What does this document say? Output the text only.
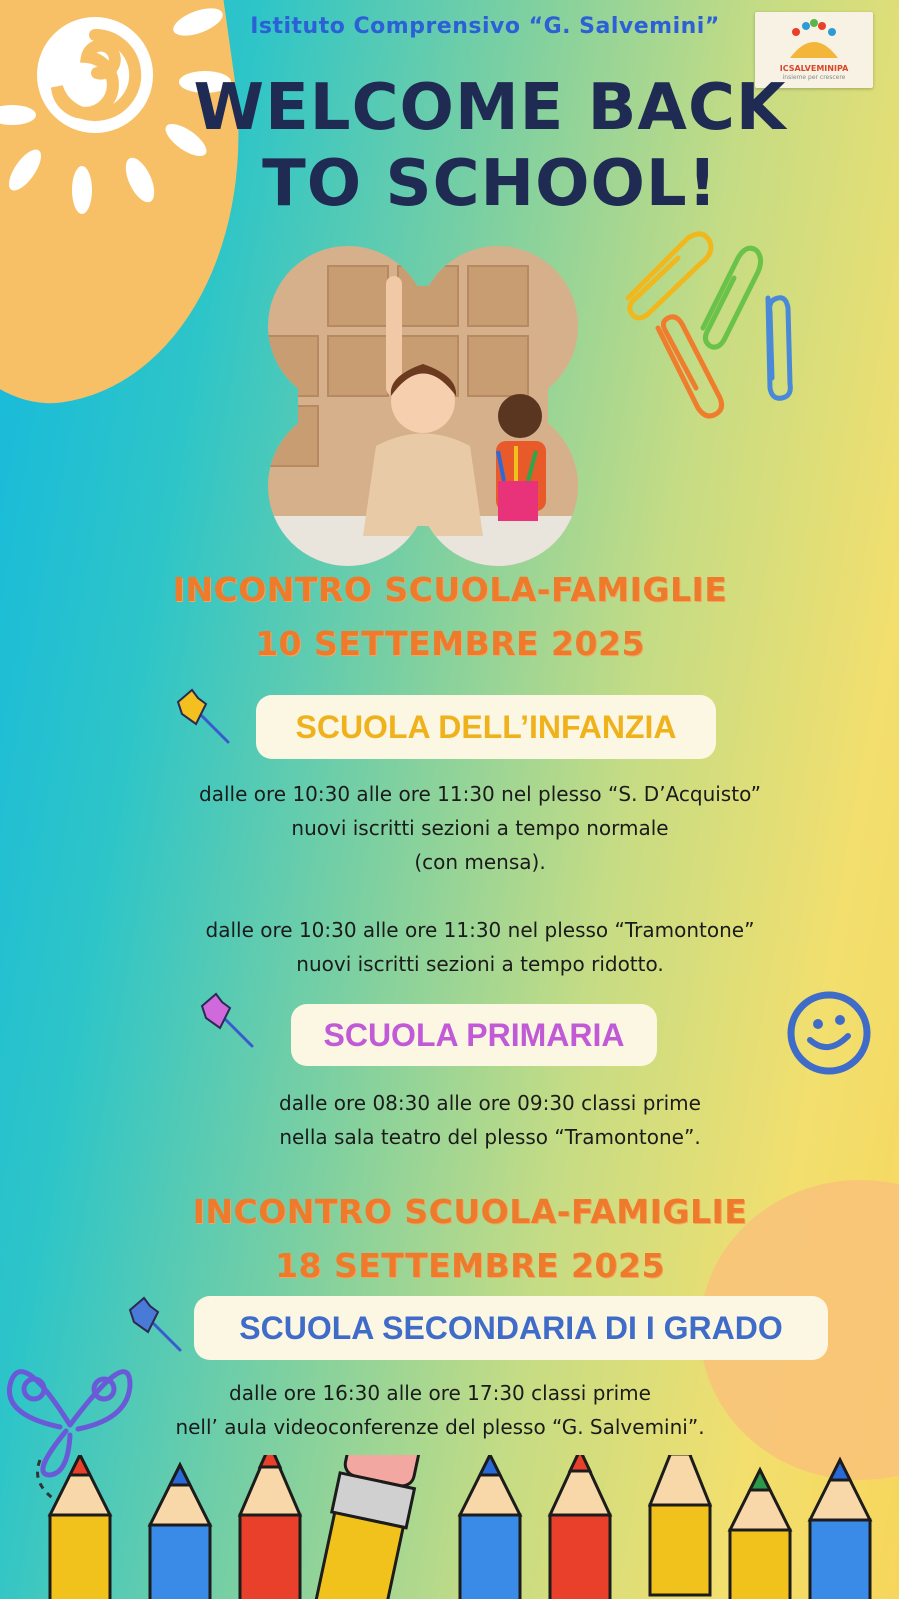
Istituto Comprensivo “G. Salvemini”
ICSALVEMINIPA
insieme per crescere
WELCOME BACK
TO SCHOOL!
INCONTRO SCUOLA-FAMIGLIE
10 SETTEMBRE 2025
SCUOLA DELL’INFANZIA
dalle ore 10:30 alle ore 11:30 nel plesso “S. D’Acquisto”
nuovi iscritti sezioni a tempo normale
(con mensa).
dalle ore 10:30 alle ore 11:30 nel plesso “Tramontone”
nuovi iscritti sezioni a tempo ridotto.
SCUOLA PRIMARIA
dalle ore 08:30 alle ore 09:30 classi prime
nella sala teatro del plesso “Tramontone”.
INCONTRO SCUOLA-FAMIGLIE
18 SETTEMBRE 2025
SCUOLA SECONDARIA DI I GRADO
dalle ore 16:30 alle ore 17:30 classi prime
nell’ aula videoconferenze del plesso “G. Salvemini”.
